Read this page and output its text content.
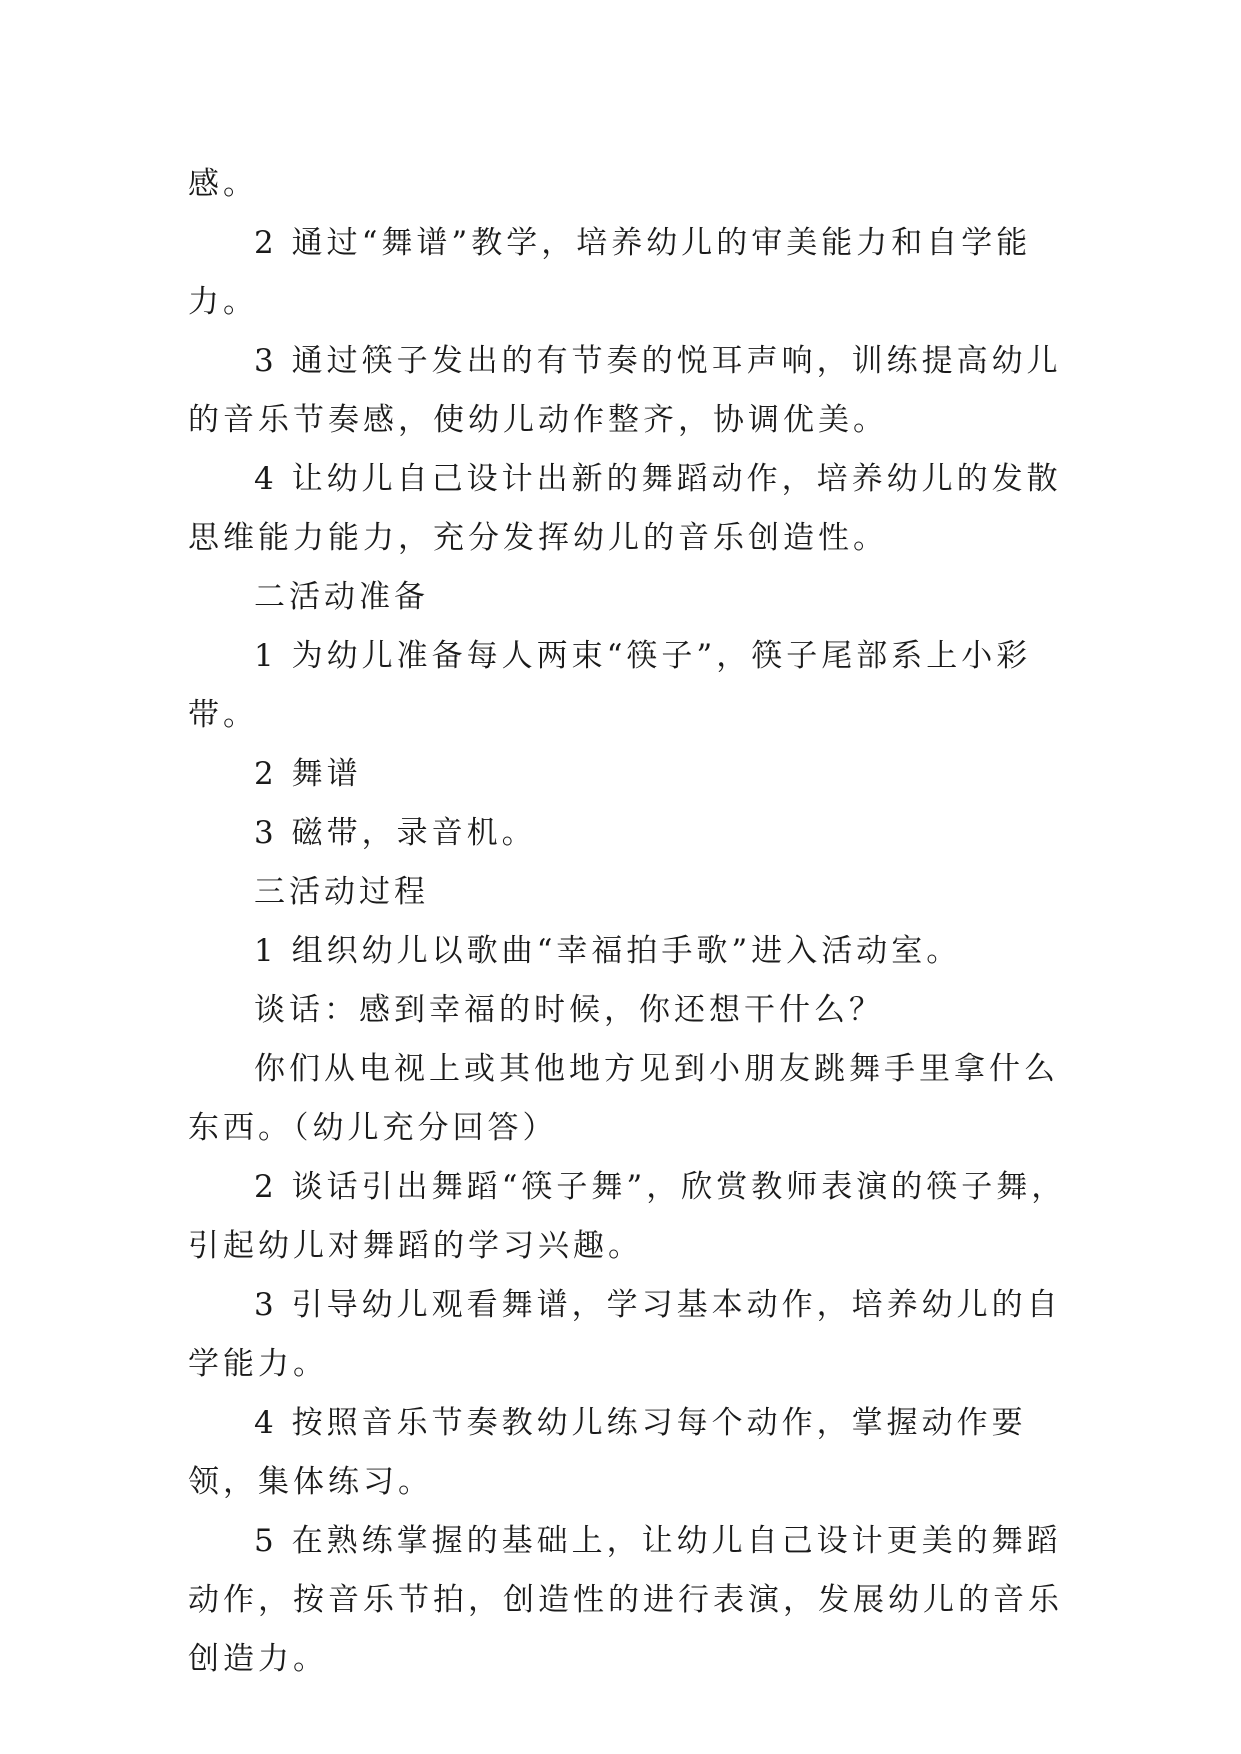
感。

2 通过“舞谱”教学，培养幼儿的审美能力和自学能力。

3 通过筷子发出的有节奏的悦耳声响，训练提高幼儿的音乐节奏感，使幼儿动作整齐，协调优美。

4 让幼儿自己设计出新的舞蹈动作，培养幼儿的发散思维能力能力，充分发挥幼儿的音乐创造性。

二活动准备

1 为幼儿准备每人两束“筷子”，筷子尾部系上小彩带。

2 舞谱

3 磁带，录音机。

三活动过程

1 组织幼儿以歌曲“幸福拍手歌”进入活动室。

谈话：感到幸福的时候，你还想干什么？

你们从电视上或其他地方见到小朋友跳舞手里拿什么东西。（幼儿充分回答）

2 谈话引出舞蹈“筷子舞”，欣赏教师表演的筷子舞，引起幼儿对舞蹈的学习兴趣。

3 引导幼儿观看舞谱，学习基本动作，培养幼儿的自学能力。

4 按照音乐节奏教幼儿练习每个动作，掌握动作要领，集体练习。

5 在熟练掌握的基础上，让幼儿自己设计更美的舞蹈动作，按音乐节拍，创造性的进行表演，发展幼儿的音乐创造力。
